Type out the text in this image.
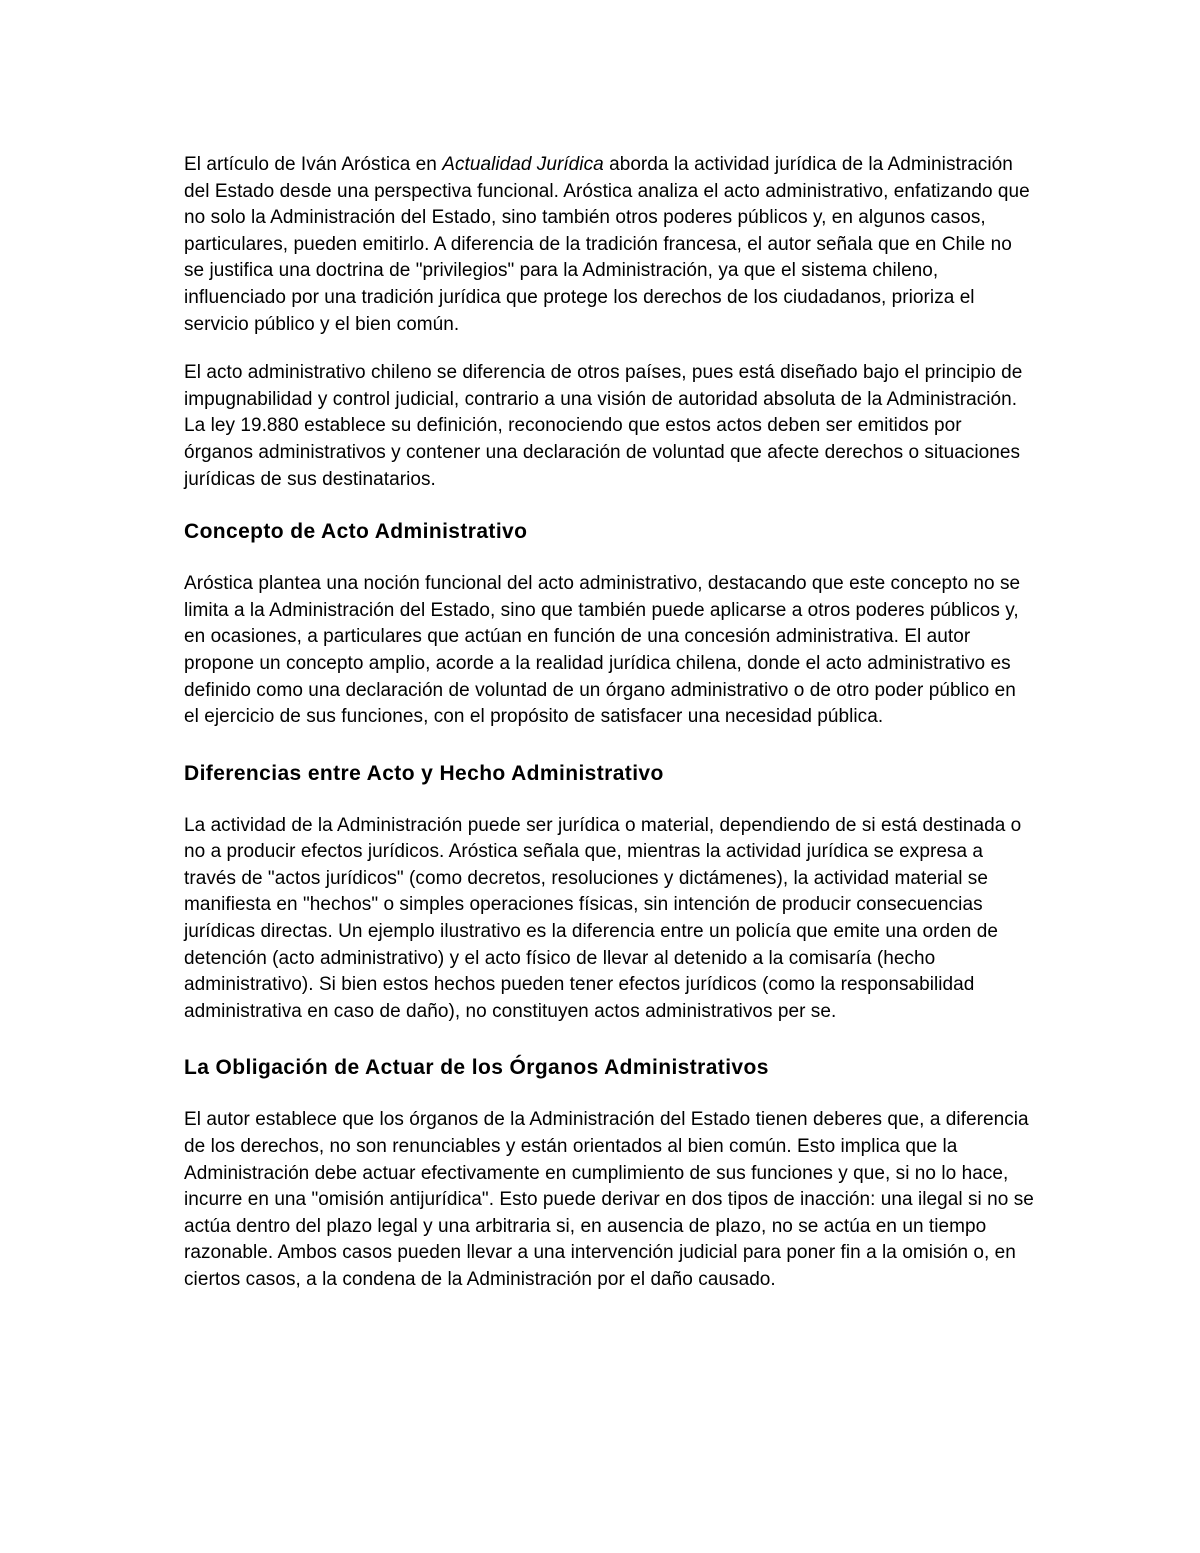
El artículo de Iván Aróstica en Actualidad Jurídica aborda la actividad jurídica de la Administración del Estado desde una perspectiva funcional. Aróstica analiza el acto administrativo, enfatizando que no solo la Administración del Estado, sino también otros poderes públicos y, en algunos casos, particulares, pueden emitirlo. A diferencia de la tradición francesa, el autor señala que en Chile no se justifica una doctrina de "privilegios" para la Administración, ya que el sistema chileno, influenciado por una tradición jurídica que protege los derechos de los ciudadanos, prioriza el servicio público y el bien común.

El acto administrativo chileno se diferencia de otros países, pues está diseñado bajo el principio de impugnabilidad y control judicial, contrario a una visión de autoridad absoluta de la Administración. La ley 19.880 establece su definición, reconociendo que estos actos deben ser emitidos por órganos administrativos y contener una declaración de voluntad que afecte derechos o situaciones jurídicas de sus destinatarios.

Concepto de Acto Administrativo

Aróstica plantea una noción funcional del acto administrativo, destacando que este concepto no se limita a la Administración del Estado, sino que también puede aplicarse a otros poderes públicos y, en ocasiones, a particulares que actúan en función de una concesión administrativa. El autor propone un concepto amplio, acorde a la realidad jurídica chilena, donde el acto administrativo es definido como una declaración de voluntad de un órgano administrativo o de otro poder público en el ejercicio de sus funciones, con el propósito de satisfacer una necesidad pública.

Diferencias entre Acto y Hecho Administrativo

La actividad de la Administración puede ser jurídica o material, dependiendo de si está destinada o no a producir efectos jurídicos. Aróstica señala que, mientras la actividad jurídica se expresa a través de "actos jurídicos" (como decretos, resoluciones y dictámenes), la actividad material se manifiesta en "hechos" o simples operaciones físicas, sin intención de producir consecuencias jurídicas directas. Un ejemplo ilustrativo es la diferencia entre un policía que emite una orden de detención (acto administrativo) y el acto físico de llevar al detenido a la comisaría (hecho administrativo). Si bien estos hechos pueden tener efectos jurídicos (como la responsabilidad administrativa en caso de daño), no constituyen actos administrativos per se.

La Obligación de Actuar de los Órganos Administrativos

El autor establece que los órganos de la Administración del Estado tienen deberes que, a diferencia de los derechos, no son renunciables y están orientados al bien común. Esto implica que la Administración debe actuar efectivamente en cumplimiento de sus funciones y que, si no lo hace, incurre en una "omisión antijurídica". Esto puede derivar en dos tipos de inacción: una ilegal si no se actúa dentro del plazo legal y una arbitraria si, en ausencia de plazo, no se actúa en un tiempo razonable. Ambos casos pueden llevar a una intervención judicial para poner fin a la omisión o, en ciertos casos, a la condena de la Administración por el daño causado.
